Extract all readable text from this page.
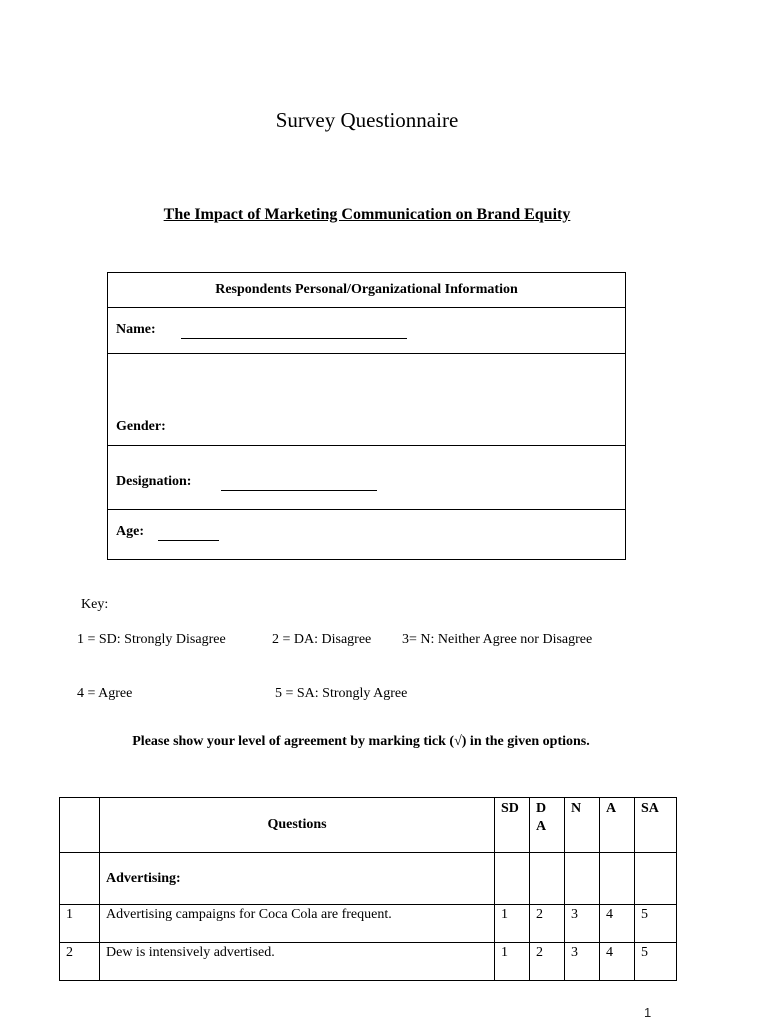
Survey Questionnaire
The Impact of Marketing Communication on Brand Equity
Respondents Personal/Organizational Information
Name:
Gender:
Designation:
Age:
Key:
1 = SD: Strongly Disagree	2 = DA: Disagree 3= N: Neither Agree nor Disagree
4 = Agree	5 = SA: Strongly Agree
Please show your level of agreement by marking tick (√) in the given options.
	Questions	SD	D A	N	A	SA
	Advertising:					
1	Advertising campaigns for Coca Cola are frequent.	1	2	3	4	5
2	Dew is intensively advertised.	1	2	3	4	5
1
